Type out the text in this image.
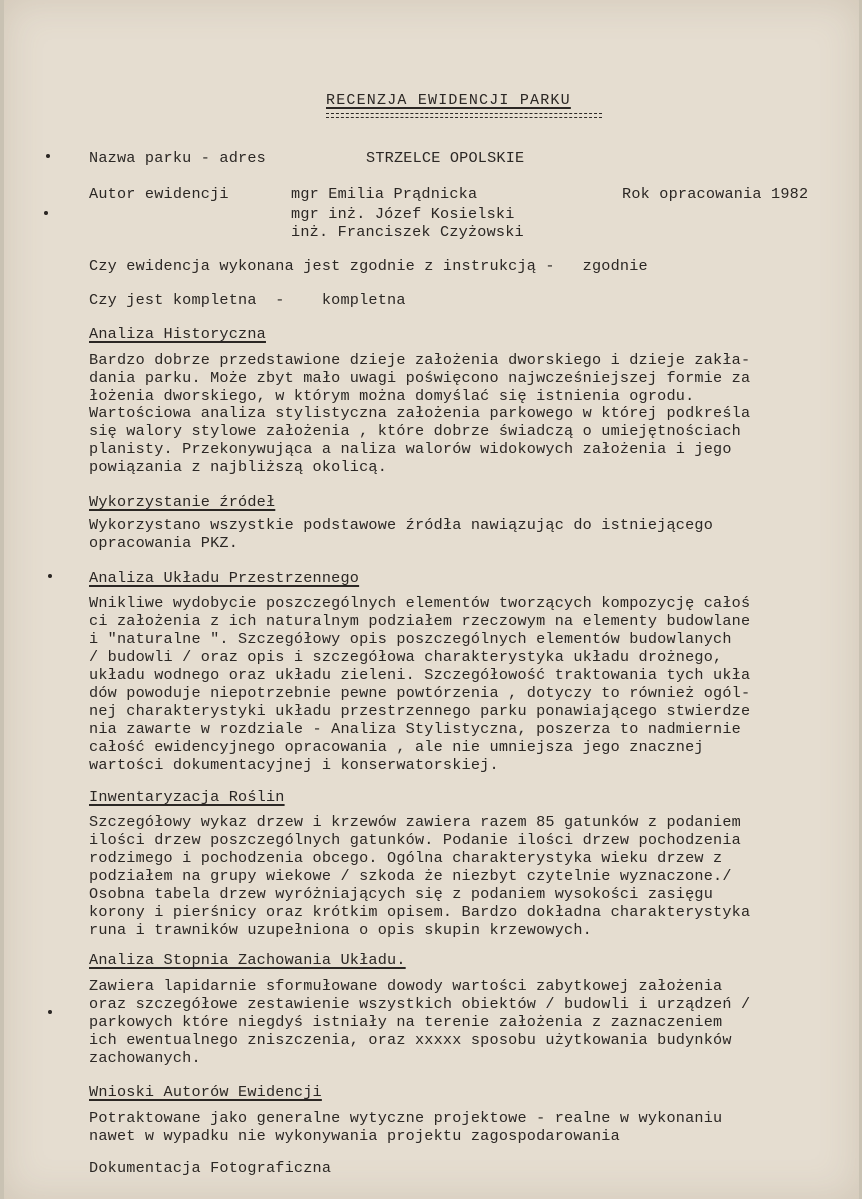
RECENZJA EWIDENCJI PARKU

Nazwa parku - adres	STRZELCE OPOLSKIE

Autor ewidencji	mgr Emilia Prądnicka

mgr inż. Józef Kosielski

inż. Franciszek Czyżowski

Rok opracowania 1982

Czy ewidencja wykonana jest zgodnie z instrukcją -   zgodnie

Czy jest kompletna  -    kompletna

Analiza Historyczna

Bardzo dobrze przedstawione dzieje założenia dworskiego i dzieje zakła-

dania parku. Może zbyt mało uwagi poświęcono najwcześniejszej formie za

łożenia dworskiego, w którym można domyślać się istnienia ogrodu.

Wartościowa analiza stylistyczna założenia parkowego w której podkreśla

się walory stylowe założenia , które dobrze świadczą o umiejętnościach

planisty. Przekonywująca a naliza walorów widokowych założenia i jego

powiązania z najbliższą okolicą.

Wykorzystanie źródeł

Wykorzystano wszystkie podstawowe źródła nawiązując do istniejącego

opracowania PKZ.

Analiza Układu Przestrzennego

Wnikliwe wydobycie poszczególnych elementów tworzących kompozycję całoś

ci założenia z ich naturalnym podziałem rzeczowym na elementy budowlane

i "naturalne ". Szczegółowy opis poszczególnych elementów budowlanych

/ budowli / oraz opis i szczegółowa charakterystyka układu drożnego,

układu wodnego oraz układu zieleni. Szczegółowość traktowania tych ukła

dów powoduje niepotrzebnie pewne powtórzenia , dotyczy to również ogól-

nej charakterystyki układu przestrzennego parku ponawiającego stwierdze

nia zawarte w rozdziale - Analiza Stylistyczna, poszerza to nadmiernie

całość ewidencyjnego opracowania , ale nie umniejsza jego znacznej

wartości dokumentacyjnej i konserwatorskiej.

Inwentaryzacja Roślin

Szczegółowy wykaz drzew i krzewów zawiera razem 85 gatunków z podaniem

ilości drzew poszczególnych gatunków. Podanie ilości drzew pochodzenia

rodzimego i pochodzenia obcego. Ogólna charakterystyka wieku drzew z

podziałem na grupy wiekowe / szkoda że niezbyt czytelnie wyznaczone./

Osobna tabela drzew wyróżniających się z podaniem wysokości zasięgu

korony i pierśnicy oraz krótkim opisem. Bardzo dokładna charakterystyka

runa i trawników uzupełniona o opis skupin krzewowych.

Analiza Stopnia Zachowania Układu.

Zawiera lapidarnie sformułowane dowody wartości zabytkowej założenia

oraz szczegółowe zestawienie wszystkich obiektów / budowli i urządzeń /

parkowych które niegdyś istniały na terenie założenia z zaznaczeniem

ich ewentualnego zniszczenia, oraz xxxxx sposobu użytkowania budynków

zachowanych.

Wnioski Autorów Ewidencji

Potraktowane jako generalne wytyczne projektowe - realne w wykonaniu

nawet w wypadku nie wykonywania projektu zagospodarowania

Dokumentacja Fotograficzna
